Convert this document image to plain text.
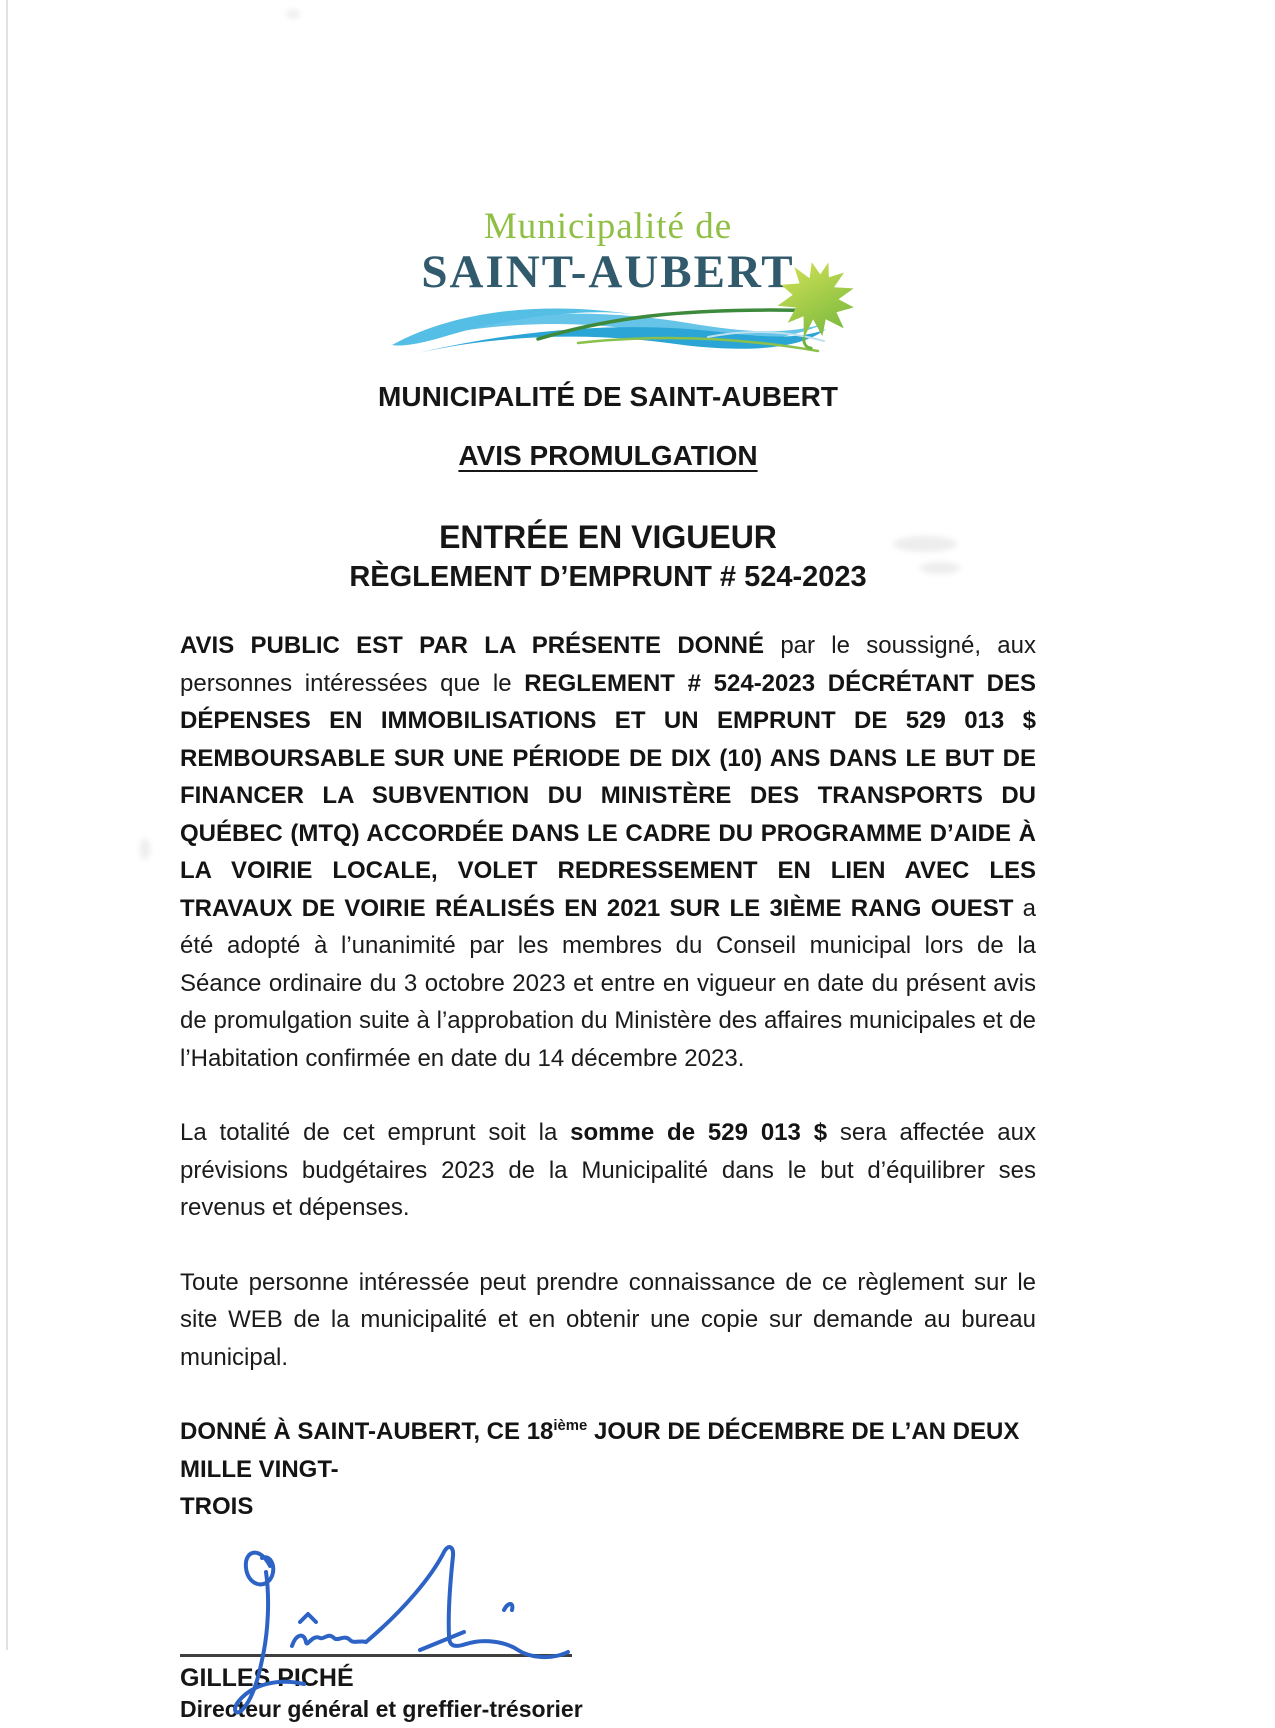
Municipalité de
SAINT-AUBERT
MUNICIPALITÉ DE SAINT-AUBERT
AVIS PROMULGATION
ENTRÉE EN VIGUEUR
RÈGLEMENT D’EMPRUNT # 524-2023

AVIS PUBLIC EST PAR LA PRÉSENTE DONNÉ par le soussigné, aux personnes intéressées que le REGLEMENT # 524-2023 DÉCRÉTANT DES DÉPENSES EN IMMOBILISATIONS ET UN EMPRUNT DE 529 013 $ REMBOURSABLE SUR UNE PÉRIODE DE DIX (10) ANS DANS LE BUT DE FINANCER LA SUBVENTION DU MINISTÈRE DES TRANSPORTS DU QUÉBEC (MTQ) ACCORDÉE DANS LE CADRE DU PROGRAMME D’AIDE À LA VOIRIE LOCALE, VOLET REDRESSEMENT EN LIEN AVEC LES TRAVAUX DE VOIRIE RÉALISÉS EN 2021 SUR LE 3IÈME RANG OUEST a été adopté à l’unanimité par les membres du Conseil municipal lors de la Séance ordinaire du 3 octobre 2023 et entre en vigueur en date du présent avis de promulgation suite à l’approbation du Ministère des affaires municipales et de l’Habitation confirmée en date du 14 décembre 2023.

La totalité de cet emprunt soit la somme de 529 013 $ sera affectée aux prévisions budgétaires 2023 de la Municipalité dans le but d’équilibrer ses revenus et dépenses.

Toute personne intéressée peut prendre connaissance de ce règlement sur le site WEB de la municipalité et en obtenir une copie sur demande au bureau municipal.

DONNÉ À SAINT-AUBERT, CE 18ième JOUR DE DÉCEMBRE DE L’AN DEUX MILLE VINGT-
TROIS

GILLES PICHÉ
Directeur général et greffier-trésorier
